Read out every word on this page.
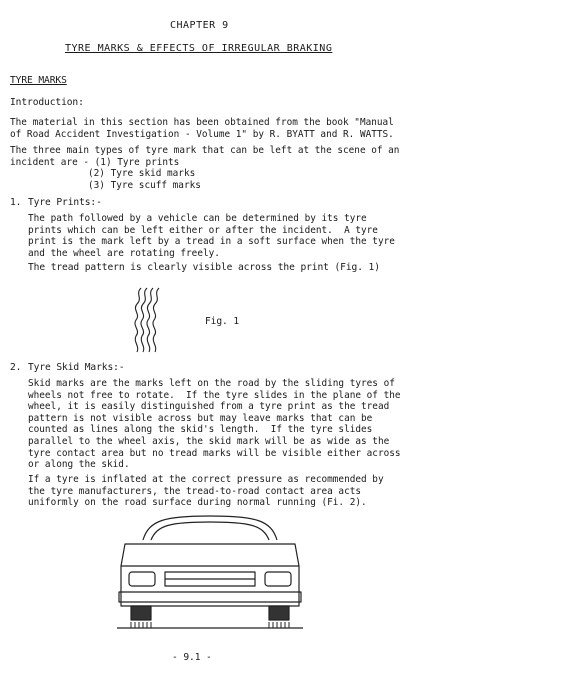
CHAPTER 9
TYRE MARKS & EFFECTS OF IRREGULAR BRAKING
TYRE MARKS
Introduction:
The material in this section has been obtained from the book "Manual
of Road Accident Investigation - Volume 1" by R. BYATT and R. WATTS.
The three main types of tyre mark that can be left at the scene of an
incident are - (1) Tyre prints
(2) Tyre skid marks
(3) Tyre scuff marks
1. Tyre Prints:-
The path followed by a vehicle can be determined by its tyre
prints which can be left either or after the incident.  A tyre
print is the mark left by a tread in a soft surface when the tyre
and the wheel are rotating freely.
The tread pattern is clearly visible across the print (Fig. 1)
Fig. 1
2. Tyre Skid Marks:-
Skid marks are the marks left on the road by the sliding tyres of
wheels not free to rotate.  If the tyre slides in the plane of the
wheel, it is easily distinguished from a tyre print as the tread
pattern is not visible across but may leave marks that can be
counted as lines along the skid's length.  If the tyre slides
parallel to the wheel axis, the skid mark will be as wide as the
tyre contact area but no tread marks will be visible either across
or along the skid.
If a tyre is inflated at the correct pressure as recommended by
the tyre manufacturers, the tread-to-road contact area acts
uniformly on the road surface during normal running (Fi. 2).
- 9.1 -
